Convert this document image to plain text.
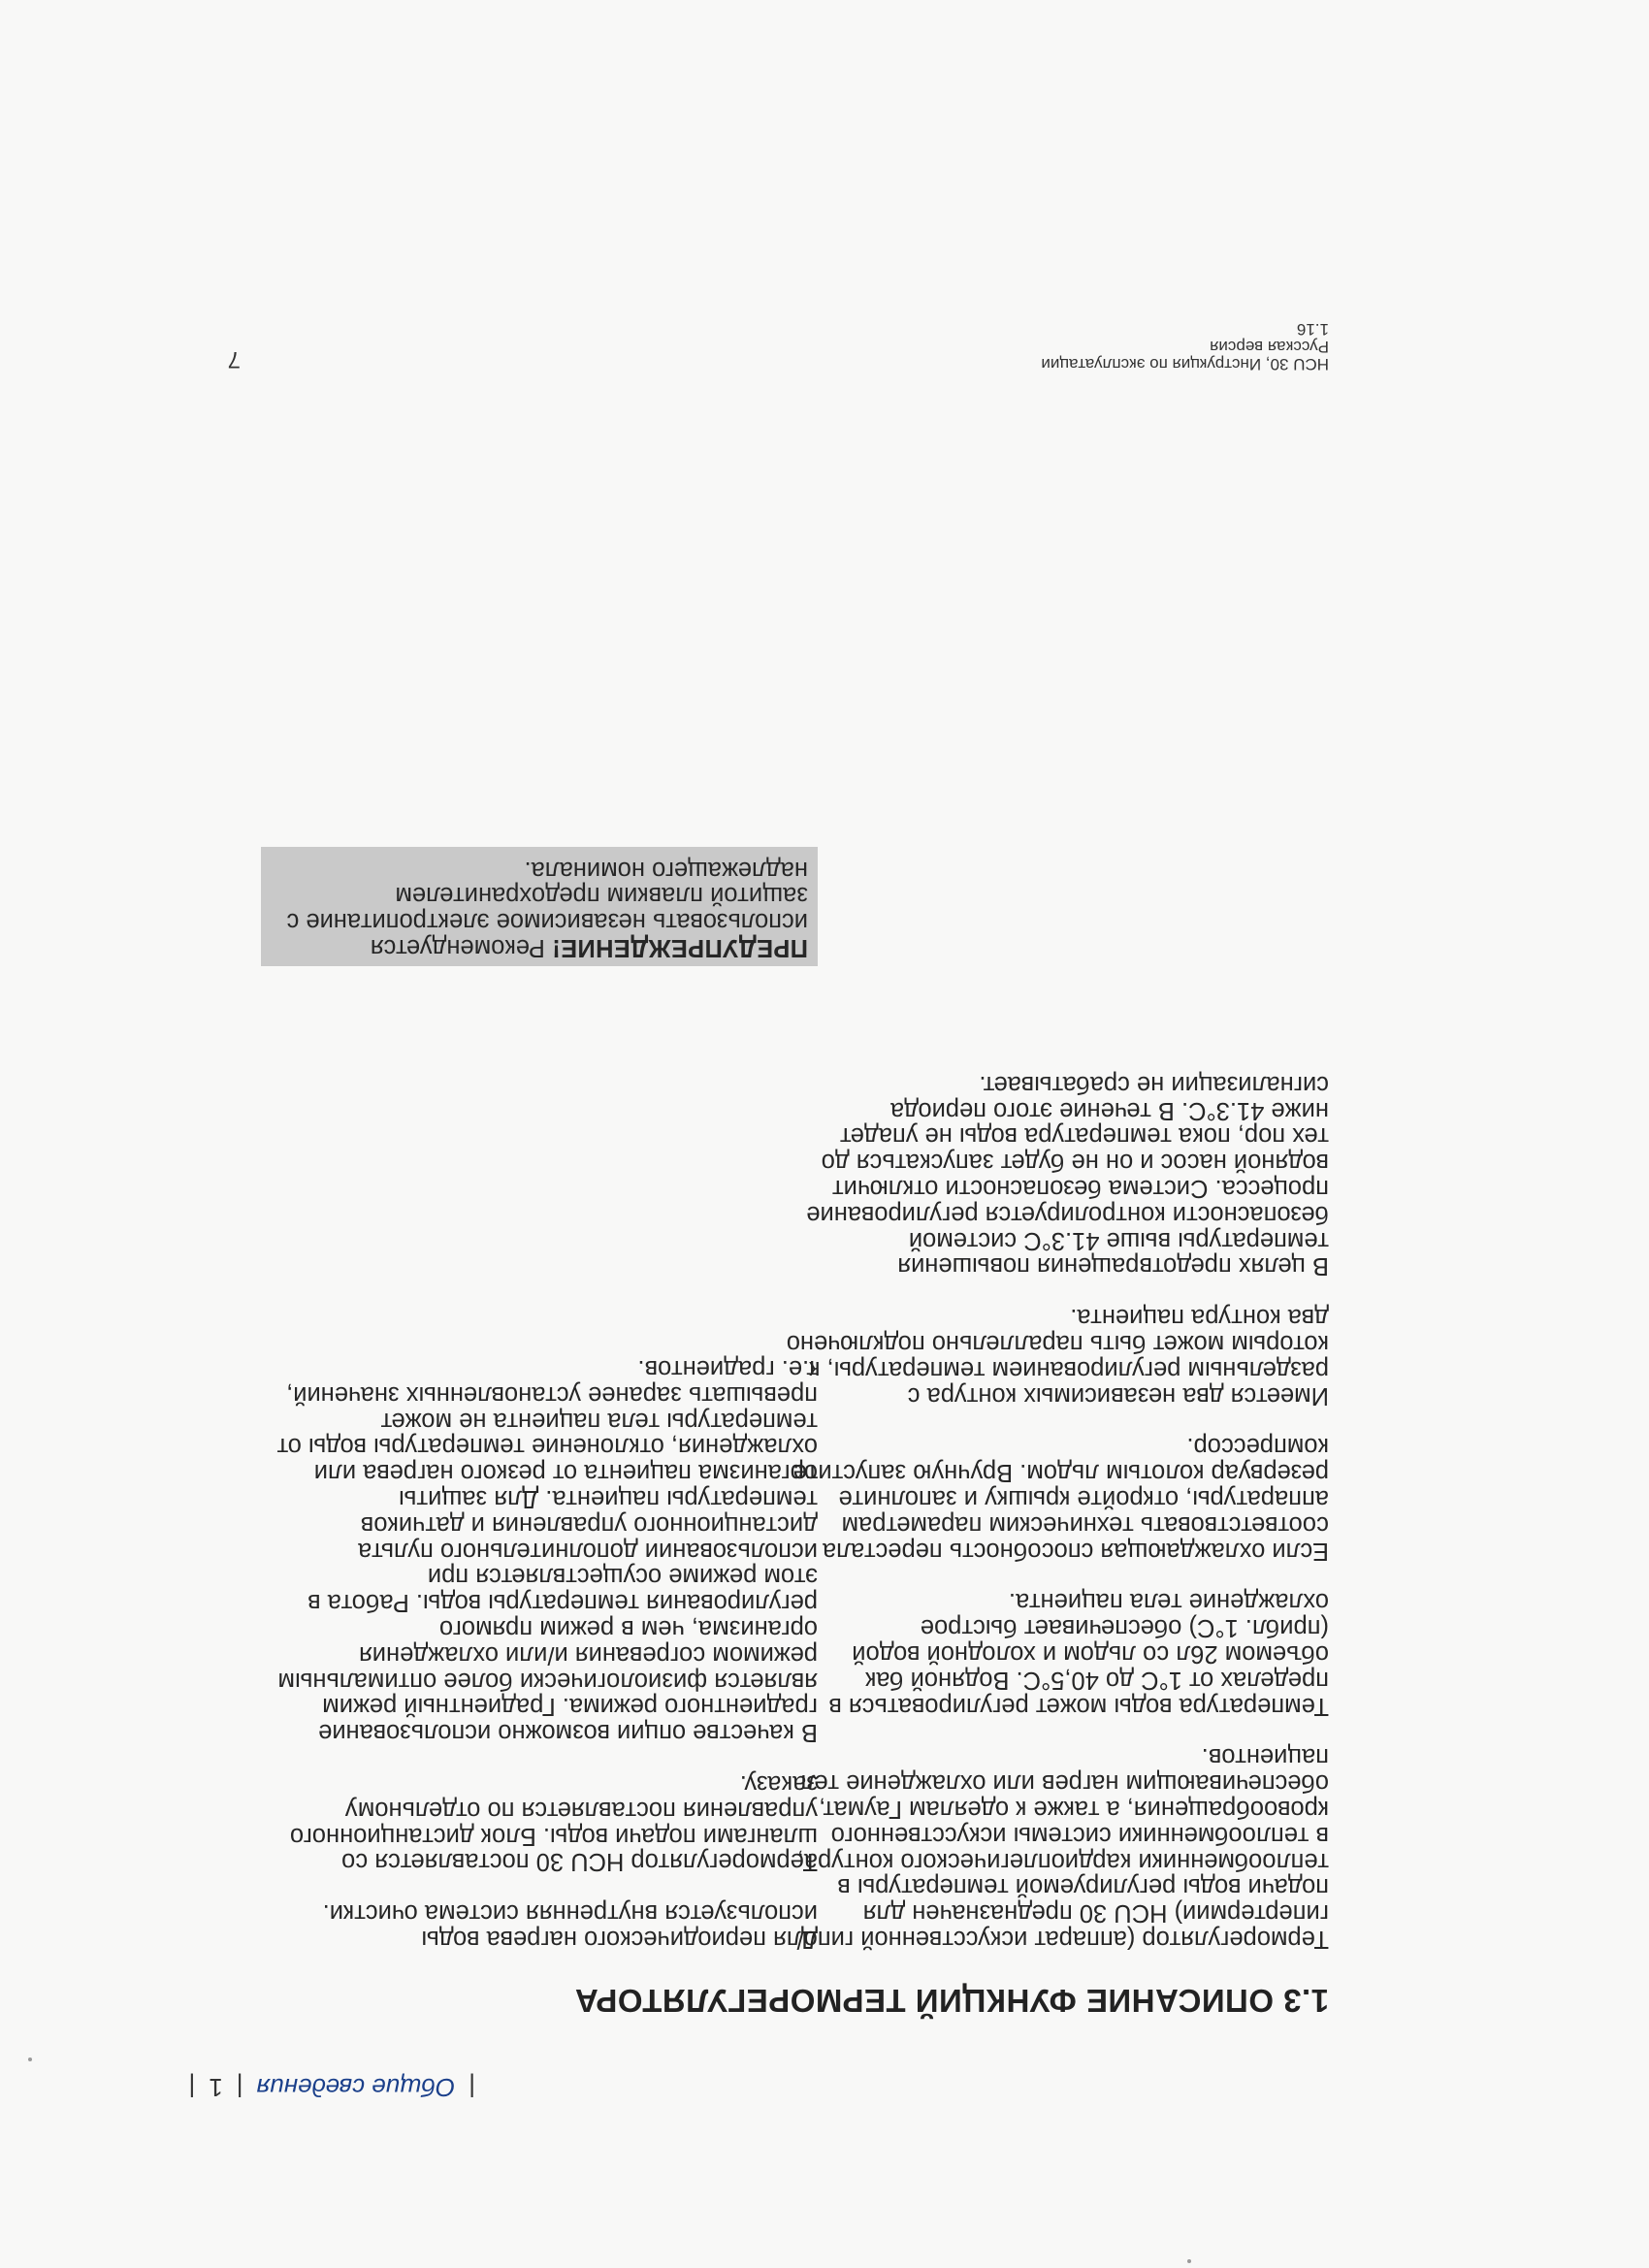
|
Общие сведения
|
1
|
1.3 ОПИСАНИЕ ФУНКЦИЙ ТЕРМОРЕГУЛЯТОРА

Терморегулятор (аппарат искусственной гипо/гипертермии) НСU 30 предназначен для подачи воды регулируемой температуры в теплообменники кардиоплегического контура, в теплообменники системы искусственного кровообращения, а также к одеялам Гаумат, обеспечивающим нагрев или охлаждение тел пациентов.

Температура воды может регулироваться в пределах от 1°С до 40,5°С. Водяной бак объемом 26л со льдом и холодной водой (прибл. 1°С) обеспечивает быстрое охлаждение тела пациента.

Если охлаждающая способность перестала соответствовать техническим параметрам аппаратуры, откройте крышку и заполните резервуар колотым льдом. Вручную запустите компрессор.

Имеется два независимых контура с раздельным регулированием температуры, к которым может быть параллельно подключено два контура пациента.

В целях предотвращения повышения температуры выше 41.3°С системой безопасности контролируется регулирование процесса. Система безопасности отключит водяной насос и он не будет запускаться до тех пор, пока температура воды не упадет ниже 41.3°С. В течение этого периода сигнализации не срабатывает.

Для периодического нагрева воды используется внутренняя система очистки.

Терморегулятор НСU 30 поставляется со шлангами подачи воды. Блок дистанционного управления поставляется по отдельному заказу.

В качестве опции возможно использование градиентного режима. Градиентный режим является физиологически более оптимальным режимом согревания и/или охлаждения организма, чем в режим прямого регулирования температуры воды. Работа в этом режиме осуществляется при использовании дополнительного пульта дистанционного управления и датчиков температуры пациента. Для защиты организма пациента от резкого нагрева или охлаждения, отклонение температуры воды от температуры тела пациента не может превышать заранее установленных значений, т.е. градиентов.

ПРЕДУПРЕЖДЕНИЕ! Рекомендуется использовать независимое электропитание с защитой плавким предохранителем надлежащего номинала.
НСU 30, Инструкция по эксплуатации
Русская версия
1.16
7
